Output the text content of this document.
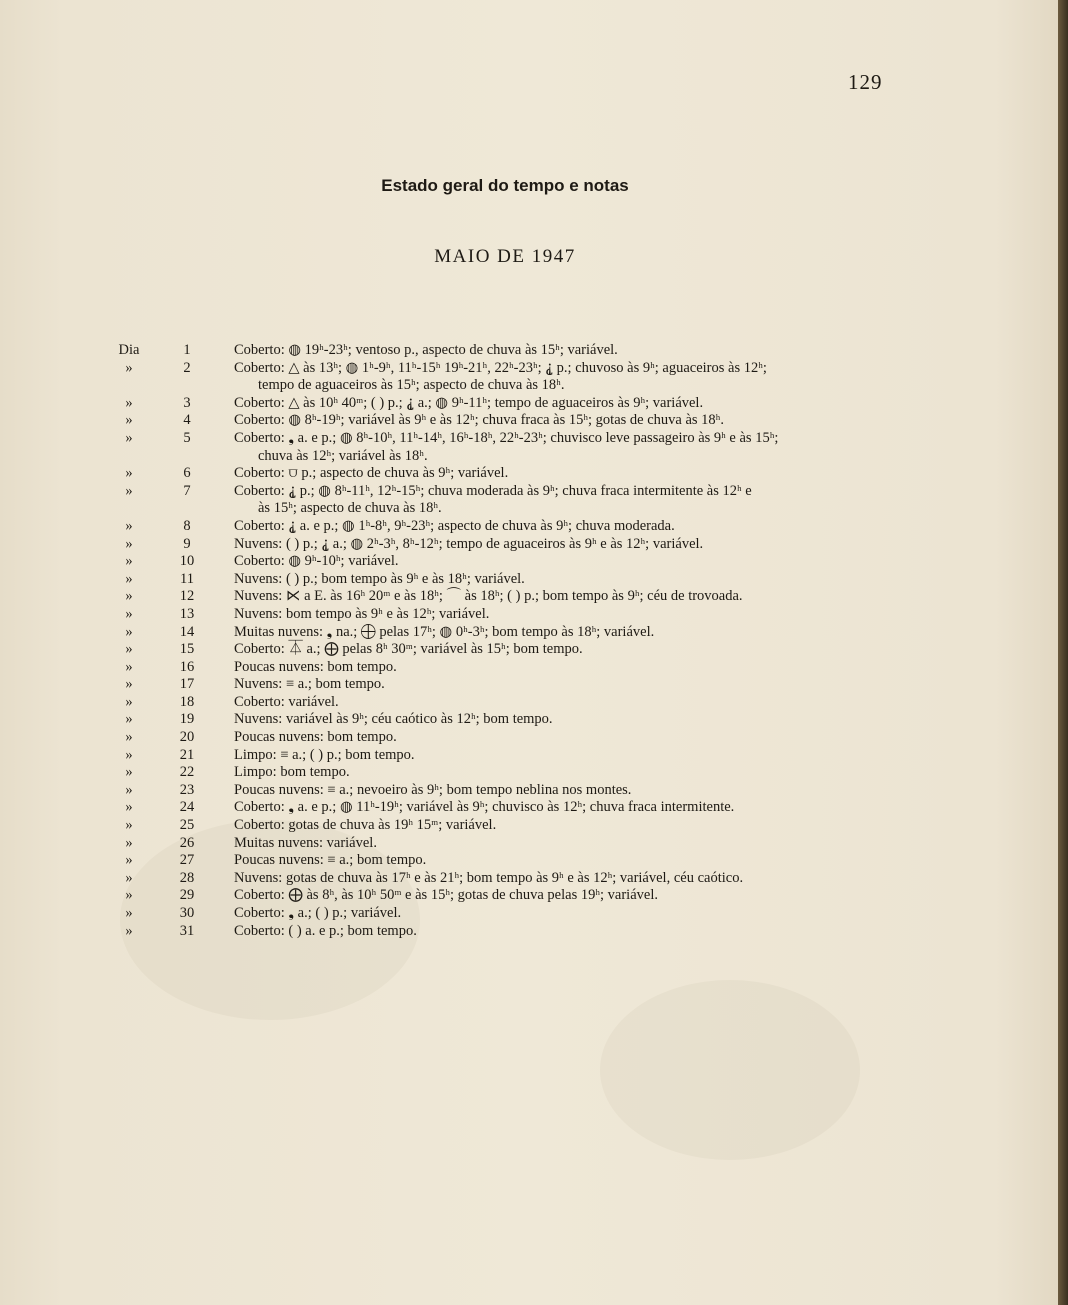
129
Estado geral do tempo e notas
MAIO DE 1947
Dia	1	Coberto: ◍ 19ʰ-23ʰ; ventoso p., aspecto de chuva às 15ʰ; variável.
»	2	Coberto: △ às 13ʰ; ◍ 1ʰ-9ʰ, 11ʰ-15ʰ 19ʰ-21ʰ, 22ʰ-23ʰ; ⸘ p.; chuvoso às 9ʰ; aguaceiros às 12ʰ;
tempo de aguaceiros às 15ʰ; aspecto de chuva às 18ʰ.
»	3	Coberto: △ às 10ʰ 40ᵐ; ( ) p.; ⸘ a.; ◍ 9ʰ-11ʰ; tempo de aguaceiros às 9ʰ; variável.
»	4	Coberto: ◍ 8ʰ-19ʰ; variável às 9ʰ e às 12ʰ; chuva fraca às 15ʰ; gotas de chuva às 18ʰ.
»	5	Coberto: ❟ a. e p.; ◍ 8ʰ-10ʰ, 11ʰ-14ʰ, 16ʰ-18ʰ, 22ʰ-23ʰ; chuvisco leve passageiro às 9ʰ e às 15ʰ;
chuva às 12ʰ; variável às 18ʰ.
»	6	Coberto: ⩌ p.; aspecto de chuva às 9ʰ; variável.
»	7	Coberto: ⸘ p.; ◍ 8ʰ-11ʰ, 12ʰ-15ʰ; chuva moderada às 9ʰ; chuva fraca intermitente às 12ʰ e
às 15ʰ; aspecto de chuva às 18ʰ.
»	8	Coberto: ⸘ a. e p.; ◍ 1ʰ-8ʰ, 9ʰ-23ʰ; aspecto de chuva às 9ʰ; chuva moderada.
»	9	Nuvens: ( ) p.; ⸘ a.; ◍ 2ʰ-3ʰ, 8ʰ-12ʰ; tempo de aguaceiros às 9ʰ e às 12ʰ; variável.
»	10	Coberto: ◍ 9ʰ-10ʰ; variável.
»	11	Nuvens: ( ) p.; bom tempo às 9ʰ e às 18ʰ; variável.
»	12	Nuvens: ⋉ a E. às 16ʰ 20ᵐ e às 18ʰ; ⌒ às 18ʰ; ( ) p.; bom tempo às 9ʰ; céu de trovoada.
»	13	Nuvens: bom tempo às 9ʰ e às 12ʰ; variável.
»	14	Muitas nuvens: ❟ na.; ⨁ pelas 17ʰ; ◍ 0ʰ-3ʰ; bom tempo às 18ʰ; variável.
»	15	Coberto: ⏄ a.; ⨁ pelas 8ʰ 30ᵐ; variável às 15ʰ; bom tempo.
»	16	Poucas nuvens: bom tempo.
»	17	Nuvens: ≡ a.; bom tempo.
»	18	Coberto: variável.
»	19	Nuvens: variável às 9ʰ; céu caótico às 12ʰ; bom tempo.
»	20	Poucas nuvens: bom tempo.
»	21	Limpo: ≡ a.; ( ) p.; bom tempo.
»	22	Limpo: bom tempo.
»	23	Poucas nuvens: ≡ a.; nevoeiro às 9ʰ; bom tempo neblina nos montes.
»	24	Coberto: ❟ a. e p.; ◍ 11ʰ-19ʰ; variável às 9ʰ; chuvisco às 12ʰ; chuva fraca intermitente.
»	25	Coberto: gotas de chuva às 19ʰ 15ᵐ; variável.
»	26	Muitas nuvens: variável.
»	27	Poucas nuvens: ≡ a.; bom tempo.
»	28	Nuvens: gotas de chuva às 17ʰ e às 21ʰ; bom tempo às 9ʰ e às 12ʰ; variável, céu caótico.
»	29	Coberto: ⨁ às 8ʰ, às 10ʰ 50ᵐ e às 15ʰ; gotas de chuva pelas 19ʰ; variável.
»	30	Coberto: ❟ a.; ( ) p.; variável.
»	31	Coberto: ( ) a. e p.; bom tempo.
